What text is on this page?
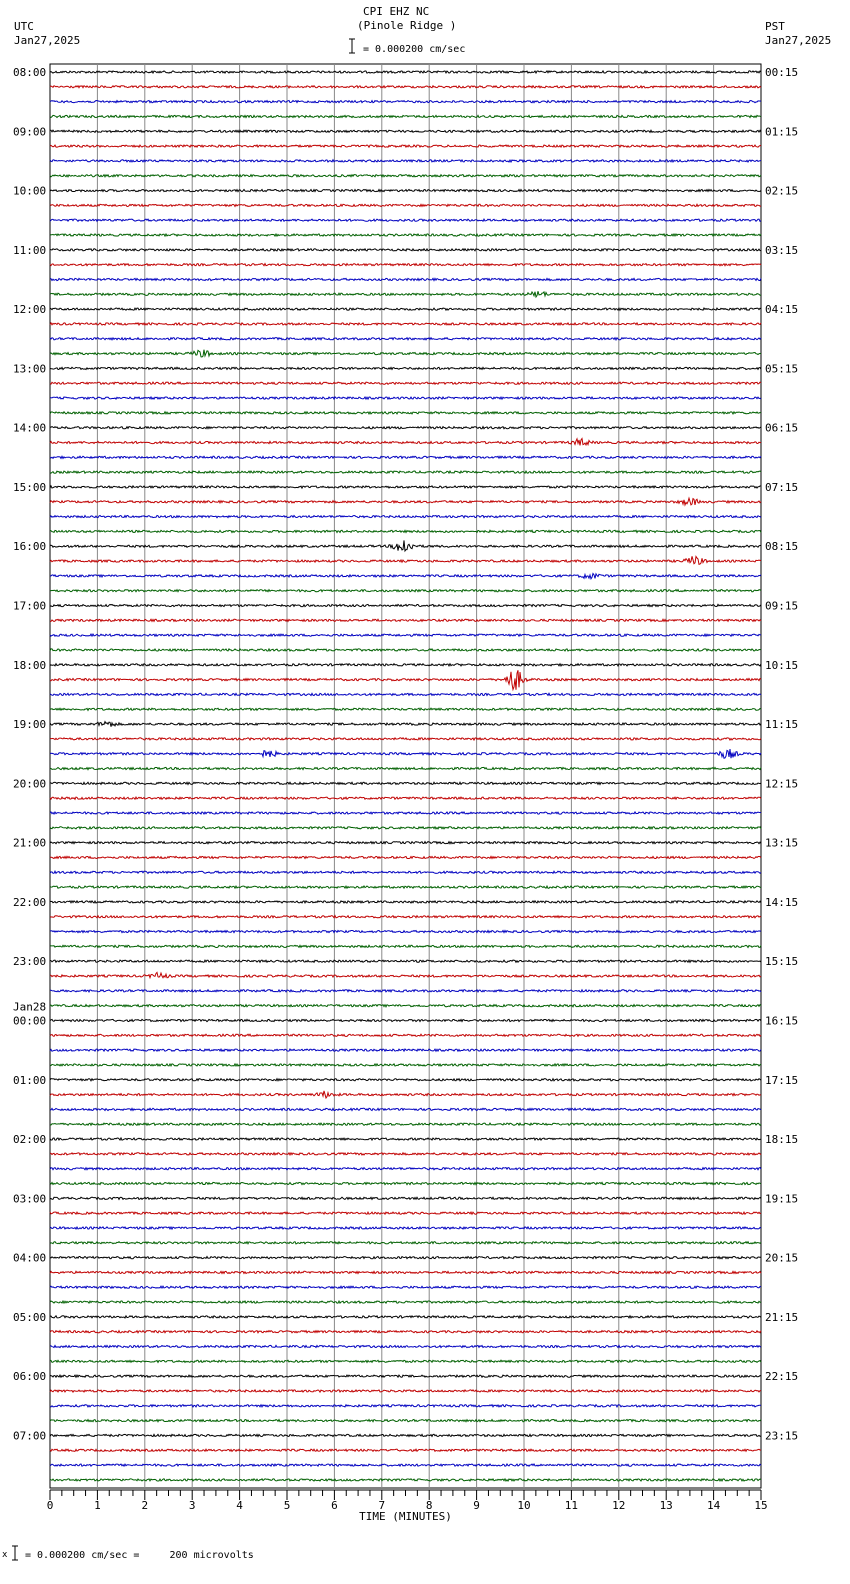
CPI EHZ NC
(Pinole Ridge )
UTC
Jan27,2025
PST
Jan27,2025
= 0.000200 cm/sec
= 0.000200 cm/sec =     200 microvolts
x
0	1	2	3	4	5	6	7	8	9	10	11	12	13	14	15
TIME (MINUTES)
08:00
09:00
10:00
11:00
12:00
13:00
14:00
15:00
16:00
17:00
18:00
19:00
20:00
21:00
22:00
23:00
00:00
Jan28
01:00
02:00
03:00
04:00
05:00
06:00
07:00
00:15
01:15
02:15
03:15
04:15
05:15
06:15
07:15
08:15
09:15
10:15
11:15
12:15
13:15
14:15
15:15
16:15
17:15
18:15
19:15
20:15
21:15
22:15
23:15
